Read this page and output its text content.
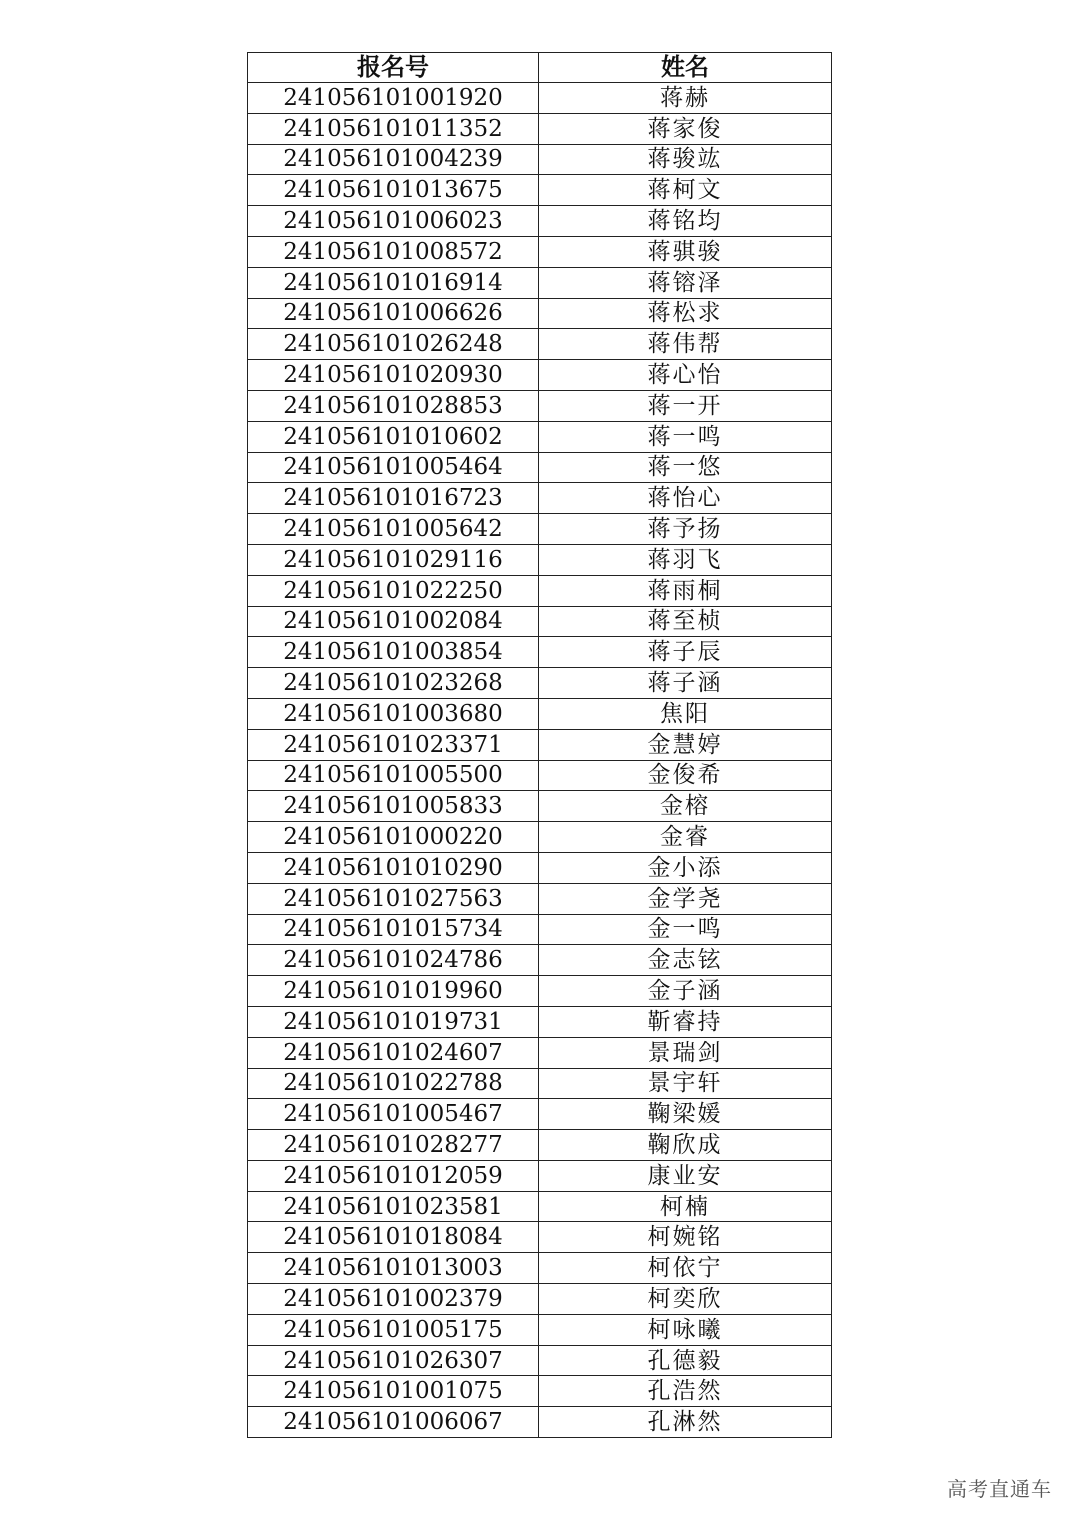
报名号	姓名
241056101001920	蒋赫
241056101011352	蒋家俊
241056101004239	蒋骏竑
241056101013675	蒋柯文
241056101006023	蒋铭均
241056101008572	蒋骐骏
241056101016914	蒋镕泽
241056101006626	蒋松求
241056101026248	蒋伟帮
241056101020930	蒋心怡
241056101028853	蒋一开
241056101010602	蒋一鸣
241056101005464	蒋一悠
241056101016723	蒋怡心
241056101005642	蒋予扬
241056101029116	蒋羽飞
241056101022250	蒋雨桐
241056101002084	蒋至桢
241056101003854	蒋子辰
241056101023268	蒋子涵
241056101003680	焦阳
241056101023371	金慧婷
241056101005500	金俊希
241056101005833	金榕
241056101000220	金睿
241056101010290	金小添
241056101027563	金学尧
241056101015734	金一鸣
241056101024786	金志铉
241056101019960	金子涵
241056101019731	靳睿持
241056101024607	景瑞剑
241056101022788	景宇轩
241056101005467	鞠梁媛
241056101028277	鞠欣成
241056101012059	康业安
241056101023581	柯楠
241056101018084	柯婉铭
241056101013003	柯依宁
241056101002379	柯奕欣
241056101005175	柯咏曦
241056101026307	孔德毅
241056101001075	孔浩然
241056101006067	孔淋然
高考直通车
